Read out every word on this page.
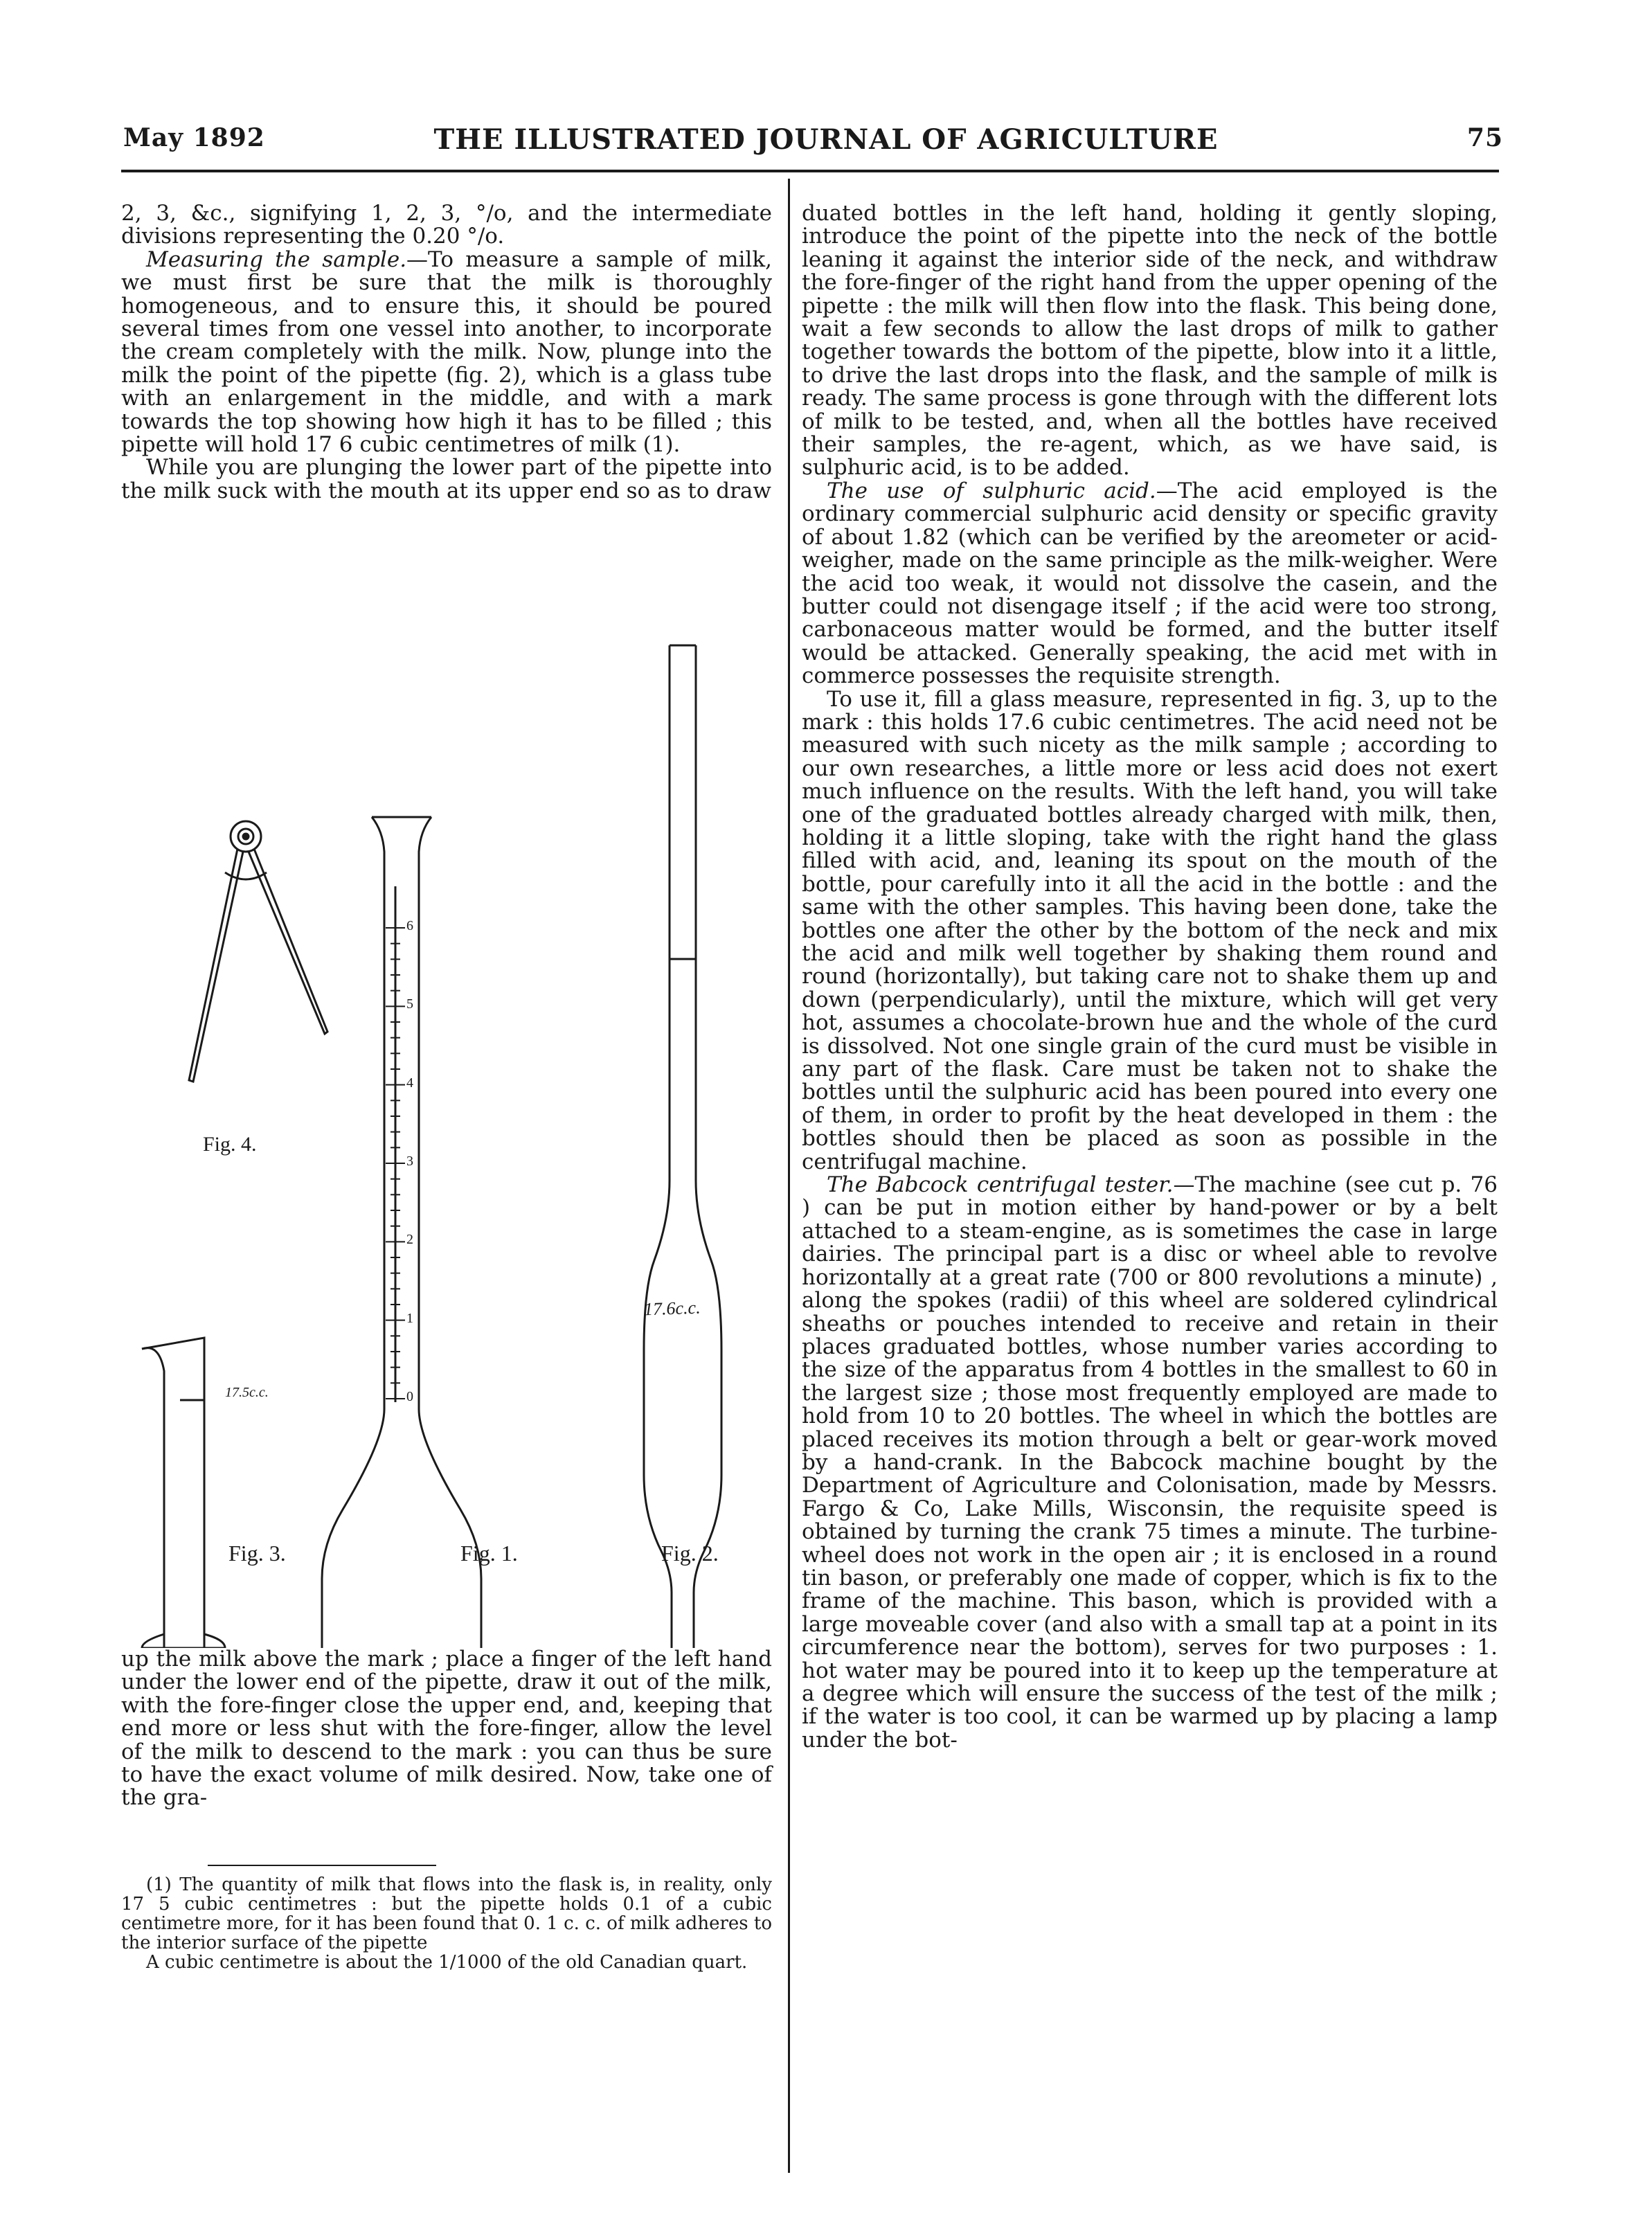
May 1892	THE ILLUSTRATED JOURNAL OF AGRICULTURE	75

2, 3, &c., signifying 1, 2, 3, °/o, and the intermediate divisions representing the 0.20 °/o.

Measuring the sample.—To measure a sample of milk, we must first be sure that the milk is thoroughly homogeneous, and to ensure this, it should be poured several times from one vessel into another, to incorporate the cream completely with the milk. Now, plunge into the milk the point of the pipette (fig. 2), which is a glass tube with an enlargement in the middle, and with a mark towards the top showing how high it has to be filled ; this pipette will hold 17 6 cubic centimetres of milk (1).

While you are plunging the lower part of the pipette into the milk suck with the mouth at its upper end so as to draw

Fig. 4.
Fig. 3.	Fig. 1.	Fig. 2.
17.5c.c.
17.6c.c.
6
5
4
3
2
1
0

up the milk above the mark ; place a finger of the left hand under the lower end of the pipette, draw it out of the milk, with the fore-finger close the upper end, and, keeping that end more or less shut with the fore-finger, allow the level of the milk to descend to the mark : you can thus be sure to have the exact volume of milk desired. Now, take one of the gra-

(1) The quantity of milk that flows into the flask is, in reality, only 17 5 cubic centimetres : but the pipette holds 0.1 of a cubic centimetre more, for it has been found that 0. 1 c. c. of milk adheres to the interior surface of the pipette

A cubic centimetre is about the 1/1000 of the old Canadian quart.

duated bottles in the left hand, holding it gently sloping, introduce the point of the pipette into the neck of the bottle leaning it against the interior side of the neck, and withdraw the fore-finger of the right hand from the upper opening of the pipette : the milk will then flow into the flask. This being done, wait a few seconds to allow the last drops of milk to gather together towards the bottom of the pipette, blow into it a little, to drive the last drops into the flask, and the sample of milk is ready. The same process is gone through with the different lots of milk to be tested, and, when all the bottles have received their samples, the re-agent, which, as we have said, is sulphuric acid, is to be added.

The use of sulphuric acid.—The acid employed is the ordinary commercial sulphuric acid density or specific gravity of about 1.82 (which can be verified by the areometer or acid-weigher, made on the same principle as the milk-weigher. Were the acid too weak, it would not dissolve the casein, and the butter could not disengage itself ; if the acid were too strong, carbonaceous matter would be formed, and the butter itself would be attacked. Generally speaking, the acid met with in commerce possesses the requisite strength.

To use it, fill a glass measure, represented in fig. 3, up to the mark : this holds 17.6 cubic centimetres. The acid need not be measured with such nicety as the milk sample ; according to our own researches, a little more or less acid does not exert much influence on the results. With the left hand, you will take one of the graduated bottles already charged with milk, then, holding it a little sloping, take with the right hand the glass filled with acid, and, leaning its spout on the mouth of the bottle, pour carefully into it all the acid in the bottle : and the same with the other samples. This having been done, take the bottles one after the other by the bottom of the neck and mix the acid and milk well together by shaking them round and round (horizontally), but taking care not to shake them up and down (perpendicularly), until the mixture, which will get very hot, assumes a chocolate-brown hue and the whole of the curd is dissolved. Not one single grain of the curd must be visible in any part of the flask. Care must be taken not to shake the bottles until the sulphuric acid has been poured into every one of them, in order to profit by the heat developed in them : the bottles should then be placed as soon as possible in the centrifugal machine.

The Babcock centrifugal tester.—The machine (see cut p. 76 ) can be put in motion either by hand-power or by a belt attached to a steam-engine, as is sometimes the case in large dairies. The principal part is a disc or wheel able to revolve horizontally at a great rate (700 or 800 revolutions a minute) , along the spokes (radii) of this wheel are soldered cylindrical sheaths or pouches intended to receive and retain in their places graduated bottles, whose number varies according to the size of the apparatus from 4 bottles in the smallest to 60 in the largest size ; those most frequently employed are made to hold from 10 to 20 bottles. The wheel in which the bottles are placed receives its motion through a belt or gear-work moved by a hand-crank. In the Babcock machine bought by the Department of Agriculture and Colonisation, made by Messrs. Fargo & Co, Lake Mills, Wisconsin, the requisite speed is obtained by turning the crank 75 times a minute. The turbine-wheel does not work in the open air ; it is enclosed in a round tin bason, or preferably one made of copper, which is fix to the frame of the machine. This bason, which is provided with a large moveable cover (and also with a small tap at a point in its circumference near the bottom), serves for two purposes : 1. hot water may be poured into it to keep up the temperature at a degree which will ensure the success of the test of the milk ; if the water is too cool, it can be warmed up by placing a lamp under the bot-
